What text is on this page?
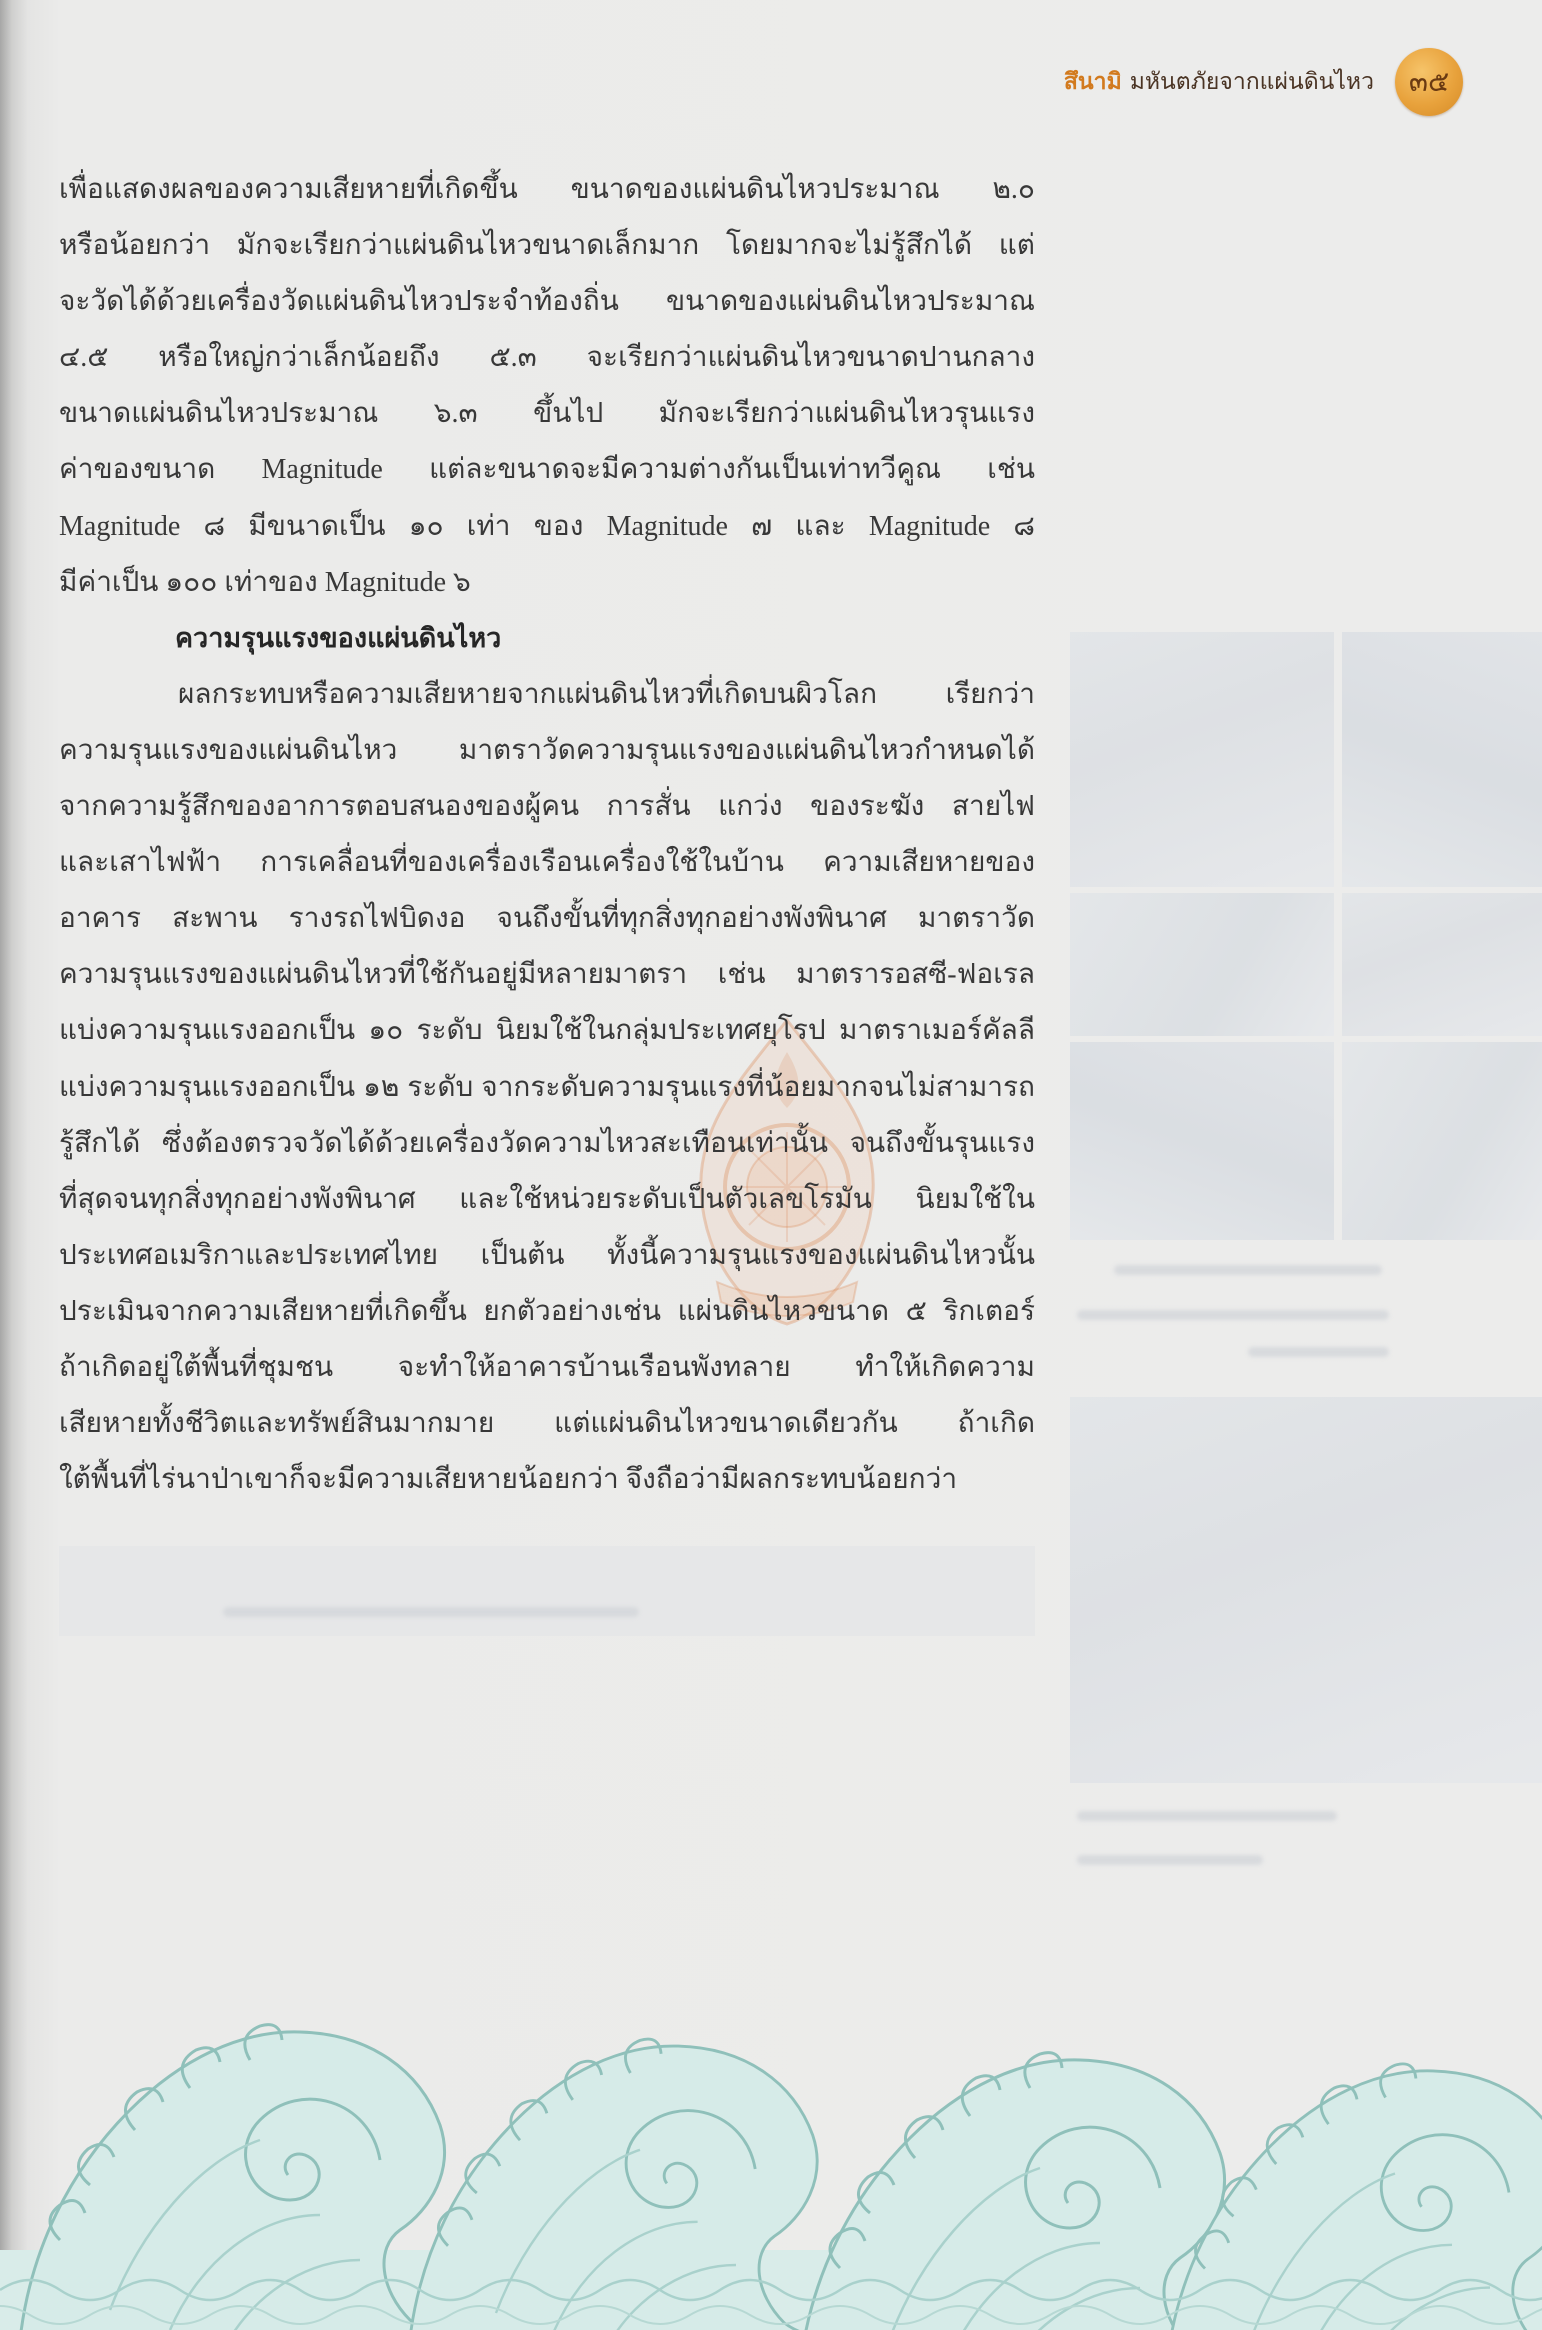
สึนามิ มหันตภัยจากแผ่นดินไหว	๓๕
เพื่อแสดงผลของความเสียหายที่เกิดขึ้น ขนาดของแผ่นดินไหวประมาณ ๒.๐
หรือน้อยกว่า มักจะเรียกว่าแผ่นดินไหวขนาดเล็กมาก โดยมากจะไม่รู้สึกได้ แต่
จะวัดได้ด้วยเครื่องวัดแผ่นดินไหวประจำท้องถิ่น ขนาดของแผ่นดินไหวประมาณ
๔.๕ หรือใหญ่กว่าเล็กน้อยถึง ๕.๓ จะเรียกว่าแผ่นดินไหวขนาดปานกลาง
ขนาดแผ่นดินไหวประมาณ ๖.๓ ขึ้นไป มักจะเรียกว่าแผ่นดินไหวรุนแรง
ค่าของขนาด Magnitude แต่ละขนาดจะมีความต่างกันเป็นเท่าทวีคูณ เช่น
Magnitude ๘ มีขนาดเป็น ๑๐ เท่า ของ Magnitude ๗ และ Magnitude ๘
มีค่าเป็น ๑๐๐ เท่าของ Magnitude ๖
ความรุนแรงของแผ่นดินไหว
ผลกระทบหรือความเสียหายจากแผ่นดินไหวที่เกิดบนผิวโลก เรียกว่า
ความรุนแรงของแผ่นดินไหว มาตราวัดความรุนแรงของแผ่นดินไหวกำหนดได้
จากความรู้สึกของอาการตอบสนองของผู้คน การสั่น แกว่ง ของระฆัง สายไฟ
และเสาไฟฟ้า การเคลื่อนที่ของเครื่องเรือนเครื่องใช้ในบ้าน ความเสียหายของ
อาคาร สะพาน รางรถไฟบิดงอ จนถึงขั้นที่ทุกสิ่งทุกอย่างพังพินาศ มาตราวัด
ความรุนแรงของแผ่นดินไหวที่ใช้กันอยู่มีหลายมาตรา เช่น มาตรารอสซี-ฟอเรล
แบ่งความรุนแรงออกเป็น ๑๐ ระดับ นิยมใช้ในกลุ่มประเทศยุโรป มาตราเมอร์คัลลี
แบ่งความรุนแรงออกเป็น ๑๒ ระดับ จากระดับความรุนแรงที่น้อยมากจนไม่สามารถ
รู้สึกได้ ซึ่งต้องตรวจวัดได้ด้วยเครื่องวัดความไหวสะเทือนเท่านั้น จนถึงขั้นรุนแรง
ที่สุดจนทุกสิ่งทุกอย่างพังพินาศ และใช้หน่วยระดับเป็นตัวเลขโรมัน นิยมใช้ใน
ประเทศอเมริกาและประเทศไทย เป็นต้น ทั้งนี้ความรุนแรงของแผ่นดินไหวนั้น
ประเมินจากความเสียหายที่เกิดขึ้น ยกตัวอย่างเช่น แผ่นดินไหวขนาด ๕ ริกเตอร์
ถ้าเกิดอยู่ใต้พื้นที่ชุมชน จะทำให้อาคารบ้านเรือนพังทลาย ทำให้เกิดความ
เสียหายทั้งชีวิตและทรัพย์สินมากมาย แต่แผ่นดินไหวขนาดเดียวกัน ถ้าเกิด
ใต้พื้นที่ไร่นาป่าเขาก็จะมีความเสียหายน้อยกว่า จึงถือว่ามีผลกระทบน้อยกว่า
